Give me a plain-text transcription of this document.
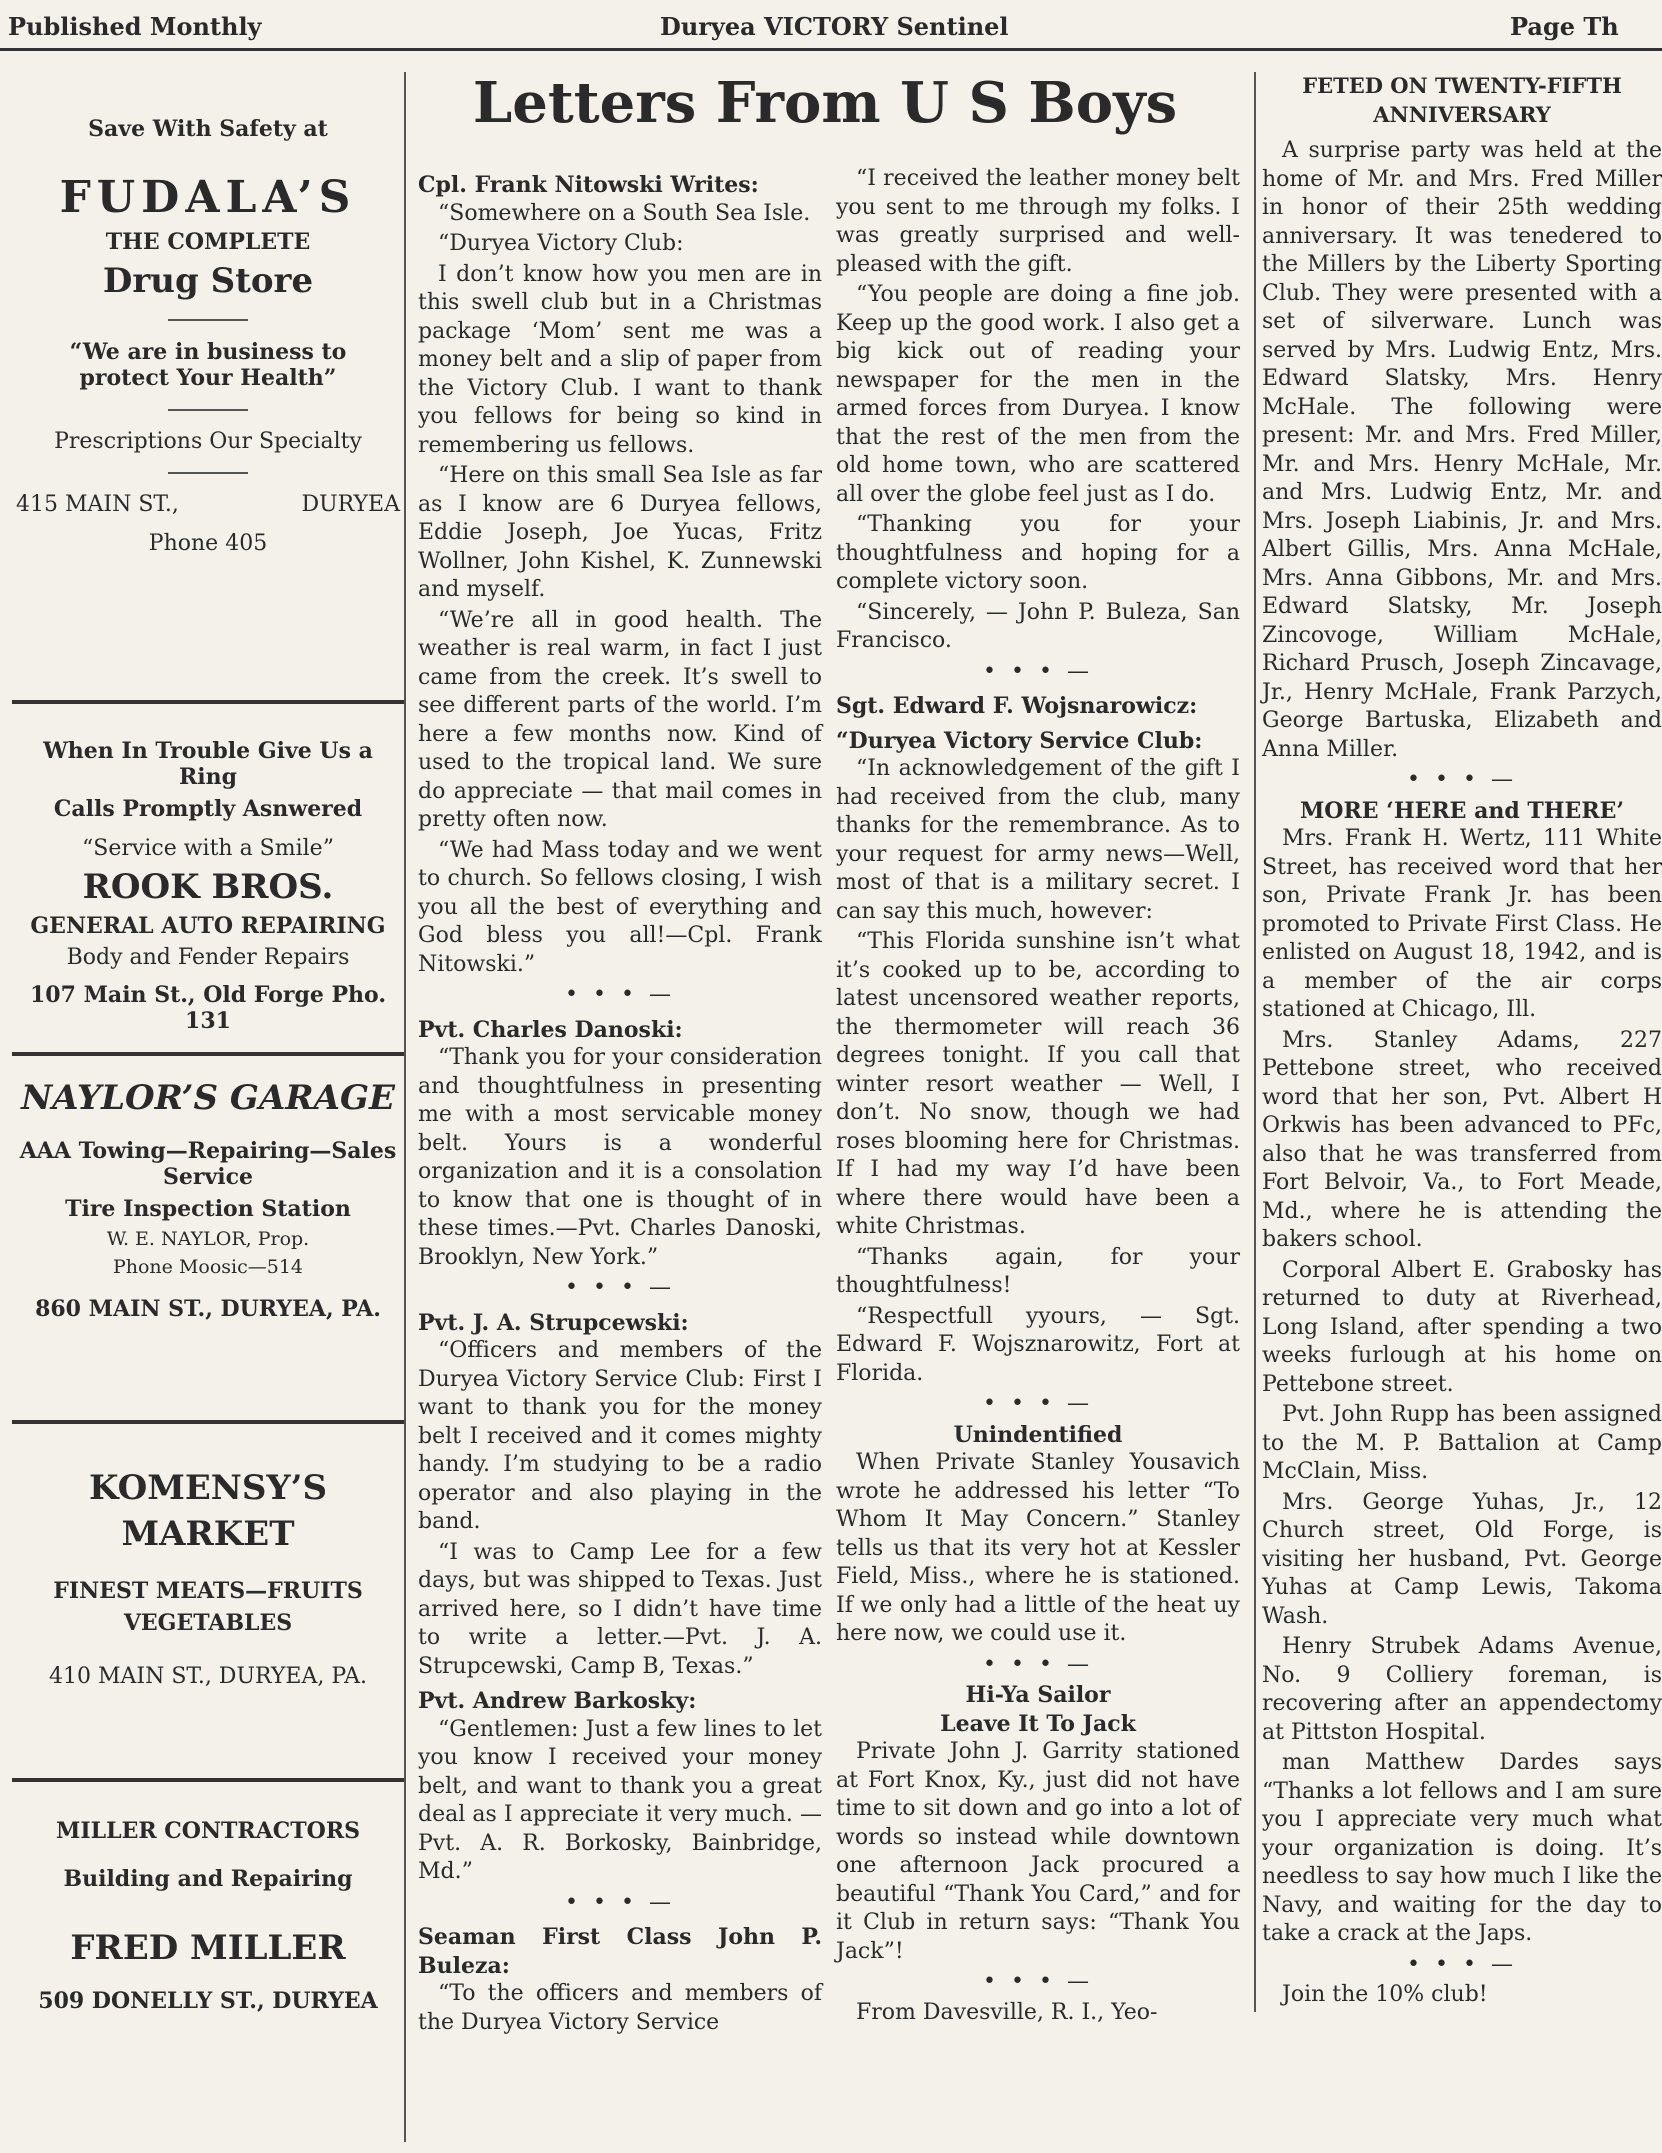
Published Monthly	Duryea VICTORY Sentinel	Page Th

Save With Safety at

FUDALA’S

THE COMPLETE

Drug Store

“We are in business to protect Your Health”

Prescriptions Our Specialty

415 MAIN ST.,	DURYEA

Phone 405

When In Trouble Give Us a Ring

Calls Promptly Asnwered

“Service with a Smile”

ROOK BROS.

GENERAL AUTO REPAIRING

Body and Fender Repairs

107 Main St., Old Forge Pho. 131

NAYLOR’S GARAGE

AAA Towing—Repairing—Sales Service

Tire Inspection Station

W. E. NAYLOR, Prop.

Phone Moosic—514

860 MAIN ST., DURYEA, PA.

KOMENSY’S

MARKET

FINEST MEATS—FRUITS

VEGETABLES

410 MAIN ST., DURYEA, PA.

MILLER CONTRACTORS

Building and Repairing

FRED MILLER

509 DONELLY ST., DURYEA

Letters From U S Boys
Cpl. Frank Nitowski Writes:

“Somewhere on a South Sea Isle.

“Duryea Victory Club:

I don’t know how you men are in this swell club but in a Christmas package ‘Mom’ sent me was a money belt and a slip of paper from the Victory Club. I want to thank you fellows for being so kind in remembering us fellows.

“Here on this small Sea Isle as far as I know are 6 Duryea fellows, Eddie Joseph, Joe Yucas, Fritz Wollner, John Kishel, K. Zunnewski and myself.

“We’re all in good health. The weather is real warm, in fact I just came from the creek. It’s swell to see different parts of the world. I’m here a few months now. Kind of used to the tropical land. We sure do appreciate — that mail comes in pretty often now.

“We had Mass today and we went to church. So fellows closing, I wish you all the best of everything and God bless you all!—Cpl. Frank Nitowski.”

• • • —
Pvt. Charles Danoski:

“Thank you for your consideration and thoughtfulness in presenting me with a most servicable money belt. Yours is a wonderful organization and it is a consolation to know that one is thought of in these times.—Pvt. Charles Danoski, Brooklyn, New York.”

• • • —
Pvt. J. A. Strupcewski:

“Officers and members of the Duryea Victory Service Club: First I want to thank you for the money belt I received and it comes mighty handy. I’m studying to be a radio operator and also playing in the band.

“I was to Camp Lee for a few days, but was shipped to Texas. Just arrived here, so I didn’t have time to write a letter.—Pvt. J. A. Strupcewski, Camp B, Texas.”

Pvt. Andrew Barkosky:

“Gentlemen: Just a few lines to let you know I received your money belt, and want to thank you a great deal as I appreciate it very much. — Pvt. A. R. Borkosky, Bainbridge, Md.”

• • • —
Seaman First Class John P. Buleza:

“To the officers and members of the Duryea Victory Service

“I received the leather money belt you sent to me through my folks. I was greatly surprised and well-pleased with the gift.

“You people are doing a fine job. Keep up the good work. I also get a big kick out of reading your newspaper for the men in the armed forces from Duryea. I know that the rest of the men from the old home town, who are scattered all over the globe feel just as I do.

“Thanking you for your thoughtfulness and hoping for a complete victory soon.

“Sincerely, — John P. Buleza, San Francisco.

• • • —
Sgt. Edward F. Wojsnarowicz:
“Duryea Victory Service Club:

“In acknowledgement of the gift I had received from the club, many thanks for the remembrance. As to your request for army news—Well, most of that is a military secret. I can say this much, however:

“This Florida sunshine isn’t what it’s cooked up to be, according to latest uncensored weather reports, the thermometer will reach 36 degrees tonight. If you call that winter resort weather — Well, I don’t. No snow, though we had roses blooming here for Christmas. If I had my way I’d have been where there would have been a white Christmas.

“Thanks again, for your thoughtfulness!

“Respectfull yyours, — Sgt. Edward F. Wojsznarowitz, Fort at Florida.

• • • —
Unindentified

When Private Stanley Yousavich wrote he addressed his letter “To Whom It May Concern.” Stanley tells us that its very hot at Kessler Field, Miss., where he is stationed. If we only had a little of the heat uy here now, we could use it.

• • • —
Hi-Ya Sailor
Leave It To Jack

Private John J. Garrity stationed at Fort Knox, Ky., just did not have time to sit down and go into a lot of words so instead while downtown one afternoon Jack procured a beautiful “Thank You Card,” and for it Club in return says: “Thank You Jack”!

• • • —

From Davesville, R. I., Yeo-

FETED ON TWENTY-FIFTH ANNIVERSARY

A surprise party was held at the home of Mr. and Mrs. Fred Miller in honor of their 25th wedding anniversary. It was tenedered to the Millers by the Liberty Sporting Club. They were presented with a set of silverware. Lunch was served by Mrs. Ludwig Entz, Mrs. Edward Slatsky, Mrs. Henry McHale. The following were present: Mr. and Mrs. Fred Miller, Mr. and Mrs. Henry McHale, Mr. and Mrs. Ludwig Entz, Mr. and Mrs. Joseph Liabinis, Jr. and Mrs. Albert Gillis, Mrs. Anna McHale, Mrs. Anna Gibbons, Mr. and Mrs. Edward Slatsky, Mr. Joseph Zincovoge, William McHale, Richard Prusch, Joseph Zincavage, Jr., Henry McHale, Frank Parzych, George Bartuska, Elizabeth and Anna Miller.

• • • —
MORE ‘HERE and THERE’

Mrs. Frank H. Wertz, 111 White Street, has received word that her son, Private Frank Jr. has been promoted to Private First Class. He enlisted on August 18, 1942, and is a member of the air corps stationed at Chicago, Ill.

Mrs. Stanley Adams, 227 Pettebone street, who received word that her son, Pvt. Albert H Orkwis has been advanced to PFc, also that he was transferred from Fort Belvoir, Va., to Fort Meade, Md., where he is attending the bakers school.

Corporal Albert E. Grabosky has returned to duty at Riverhead, Long Island, after spending a two weeks furlough at his home on Pettebone street.

Pvt. John Rupp has been assigned to the M. P. Battalion at Camp McClain, Miss.

Mrs. George Yuhas, Jr., 12 Church street, Old Forge, is visiting her husband, Pvt. George Yuhas at Camp Lewis, Takoma Wash.

Henry Strubek Adams Avenue, No. 9 Colliery foreman, is recovering after an appendectomy at Pittston Hospital.

man Matthew Dardes says “Thanks a lot fellows and I am sure you I appreciate very much what your organization is doing. It’s needless to say how much I like the Navy, and waiting for the day to take a crack at the Japs.

• • • —

Join the 10% club!
